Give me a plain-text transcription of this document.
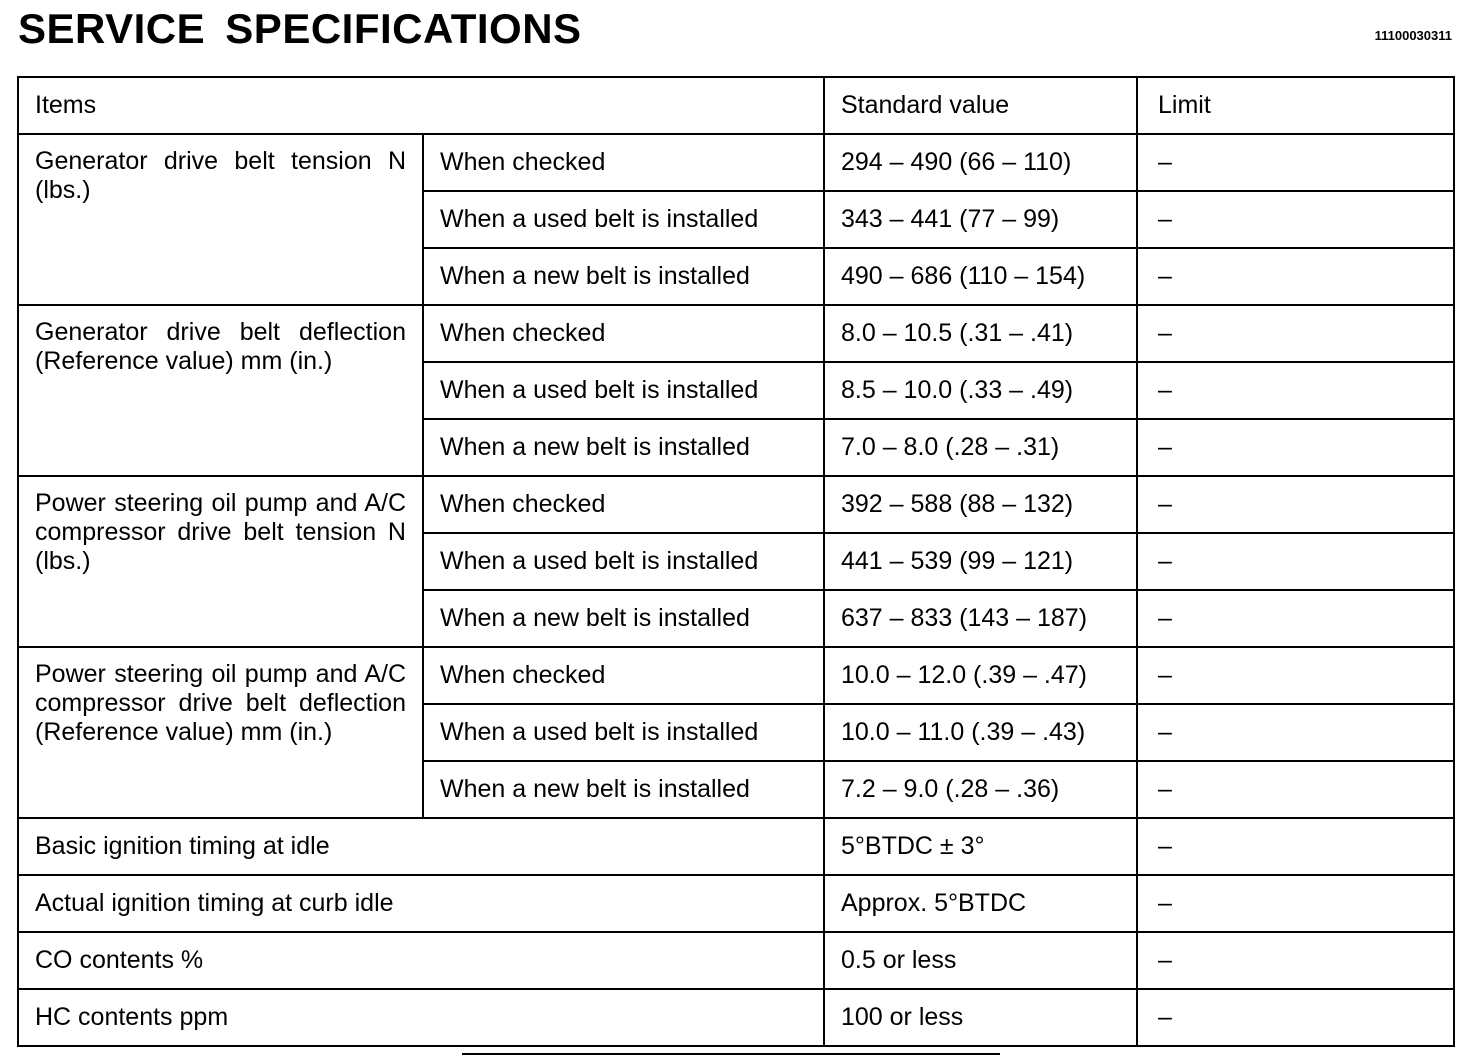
SERVICE SPECIFICATIONS	11100030311
Items		Standard value	Limit
Generator drive belt tension N (lbs.)	When checked	294 – 490 (66 – 110)	–
	When a used belt is installed	343 – 441 (77 – 99)	–
	When a new belt is installed	490 – 686 (110 – 154)	–
Generator drive belt deflection (Reference value) mm (in.)	When checked	8.0 – 10.5 (.31 – .41)	–
	When a used belt is installed	8.5 – 10.0 (.33 – .49)	–
	When a new belt is installed	7.0 – 8.0 (.28 – .31)	–
Power steering oil pump and A/C compressor drive belt tension N (lbs.)	When checked	392 – 588 (88 – 132)	–
	When a used belt is installed	441 – 539 (99 – 121)	–
	When a new belt is installed	637 – 833 (143 – 187)	–
Power steering oil pump and A/C compressor drive belt deflection (Reference value) mm (in.)	When checked	10.0 – 12.0 (.39 – .47)	–
	When a used belt is installed	10.0 – 11.0 (.39 – .43)	–
	When a new belt is installed	7.2 – 9.0 (.28 – .36)	–
Basic ignition timing at idle		5°BTDC ± 3°	–
Actual ignition timing at curb idle		Approx. 5°BTDC	–
CO contents %		0.5 or less	–
HC contents ppm		100 or less	–
